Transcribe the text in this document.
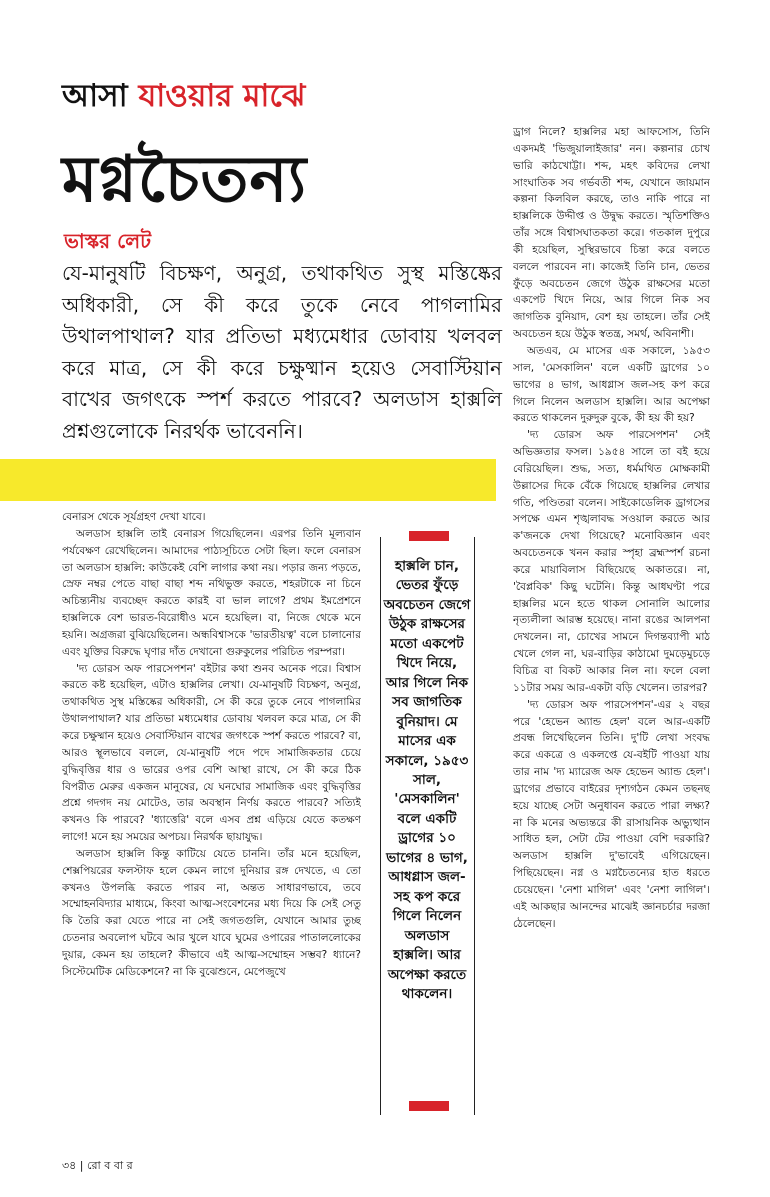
আসা যাওয়ার মাঝে
মগ্নচৈতন্য
ভাস্কর লেট
যে-মানুষটি বিচক্ষণ, অনুগ্র, তথাকথিত সুস্থ মস্তিষ্কের অধিকারী, সে কী করে তুকে নেবে পাগলামির উথালপাথাল? যার প্রতিভা মধ্যমেধার ডোবায় খলবল করে মাত্র, সে কী করে চক্ষুষ্মান হয়েও সেবাস্টিয়ান বাখের জগৎকে স্পর্শ করতে পারবে? অলডাস হাক্সলি প্রশ্নগুলোকে নিরর্থক ভাবেননি।

বেনারস থেকে সূর্যগ্রহণ দেখা যাবে।

অলডাস হাক্সলি তাই বেনারস গিয়েছিলেন। এরপর তিনি মূল্যবান পর্যবেক্ষণ রেখেছিলেন। আমাদের পাঠ্যসূচিতে সেটা ছিল। ফলে বেনারস তা অলডাস হাক্সলি: কাউকেই বেশি লাগার কথা নয়। পড়ার জন্য পড়তে, স্রেফ নম্বর পেতে বাছা বাছা শব্দ নথিভুক্ত করতে, শহরটাকে না চিনে অচিন্ত্যনীয় ব্যবচ্ছেদ করতে কারই বা ভাল লাগে? প্রথম ইমপ্রেশনে হাক্সলিকে বেশ ভারত-বিরোধীও মনে হয়েছিল। বা, নিজে থেকে মনে হয়নি। অগ্রজরা বুঝিয়েছিলেন। অন্ধবিশ্বাসকে 'ভারতীয়ত্ব' বলে চালানোর এবং যুক্তির বিরুদ্ধে ঘৃণার দাঁত দেখানো গুরুকুলের পরিচিত পরম্পরা।

'দ্য ডোরস অফ পারসেপশন' বইটার কথা শুনব অনেক পরে। বিশ্বাস করতে কষ্ট হয়েছিল, এটাও হাক্সলির লেখা। যে-মানুষটি বিচক্ষণ, অনুগ্র, তথাকথিত সুস্থ মস্তিষ্কের অধিকারী, সে কী করে তুকে নেবে পাগলামির উথালপাথাল? যার প্রতিভা মধ্যমেধার ডোবায় খলবল করে মাত্র, সে কী করে চক্ষুষ্মান হয়েও সেবাস্টিয়ান বাখের জগৎকে স্পর্শ করতে পারবে? বা, আরও স্থূলভাবে বললে, যে-মানুষটি পদে পদে সামাজিকতার চেয়ে বুদ্ধিবৃত্তির ধার ও ভারের ওপর বেশি আস্থা রাখে, সে কী করে ঠিক বিপরীত মেরুর একজন মানুষের, যে ঘনঘোর সামাজিক এবং বুদ্ধিবৃত্তির প্রশ্নে গদগদ নয় মোটেও, তার অবস্থান নির্ণয় করতে পারবে? সত্যিই কখনও কি পারবে? 'ধ্যাত্তেরি' বলে এসব প্রশ্ন এড়িয়ে যেতে কতক্ষণ লাগে! মনে হয় সময়ের অপচয়। নিরর্থক ছায়াযুদ্ধ।

অলডাস হাক্সলি কিন্তু কাটিয়ে যেতে চাননি। তাঁর মনে হয়েছিল, শেক্সপিয়রের ফলস্টাফ হলে কেমন লাগে দুনিয়ার রঙ্গ দেখতে, এ তো কখনও উপলব্ধি করতে পারব না, অন্তত সাধারণভাবে, তবে সম্মোহনবিদ্যার মাধ্যমে, কিংবা আত্ম-সংবেশনের মধ্য দিয়ে কি সেই সেতু কি তৈরি করা যেতে পারে না সেই জগতগুলি, যেখানে আমার তুচ্ছ চেতনার অবলোপ ঘটবে আর খুলে যাবে ঘুমের ওপারের পাতাললোকের দুয়ার, কেমন হয় তাহলে? কীভাবে এই আত্ম-সম্মোহন সম্ভব? ধ্যানে? সিস্টেমেটিক মেডিকেশনে? না কি বুঝেশুনে, মেপেজুখে

হাক্সলি চান, ভেতর ফুঁড়ে অবচেতন জেগে উঠুক রাক্ষসের মতো একপেট খিদে নিয়ে, আর গিলে নিক সব জাগতিক বুনিয়াদ। মে মাসের এক সকালে, ১৯৫৩ সাল, 'মেসকালিন' বলে একটি ড্রাগের ১০ ভাগের ৪ ভাগ, আধগ্লাস জল-সহ কপ করে গিলে নিলেন অলডাস হাক্সলি। আর অপেক্ষা করতে থাকলেন।

ড্রাগ নিলে? হাক্সলির মহা আফসোস, তিনি একদমই 'ভিজুয়ালাইজার' নন। কল্পনার চোখ ভারি কাঠখোট্টা। শব্দ, মহৎ কবিদের লেখা সাংঘাতিক সব গর্ভবতী শব্দ, যেখানে জায়মান কল্পনা কিলবিল করছে, তাও নাকি পারে না হাক্সলিকে উদ্দীপ্ত ও উদ্বুদ্ধ করতে। স্মৃতিশক্তিও তাঁর সঙ্গে বিশ্বাসঘাতকতা করে। গতকাল দুপুরে কী হয়েছিল, সুস্থিরভাবে চিন্তা করে বলতে বললে পারবেন না। কাজেই তিনি চান, ভেতর ফুঁড়ে অবচেতন জেগে উঠুক রাক্ষসের মতো একপেট খিদে নিয়ে, আর গিলে নিক সব জাগতিক বুনিয়াদ, বেশ হয় তাহলে। তাঁর সেই অবচেতন হয়ে উঠুক স্বতন্ত্র, সমর্থ, অবিনাশী।

অতএব, মে মাসের এক সকালে, ১৯৫৩ সাল, 'মেসকালিন' বলে একটি ড্রাগের ১০ ভাগের ৪ ভাগ, আধগ্লাস জল-সহ কপ করে গিলে নিলেন অলডাস হাক্সলি। আর অপেক্ষা করতে থাকলেন দুরুদুরু বুকে, কী হয় কী হয়?

'দ্য ডোরস অফ পারসেপশন' সেই অভিজ্ঞতার ফসল। ১৯৫৪ সালে তা বই হয়ে বেরিয়েছিল। শুদ্ধ, সত্য, ধর্মমথিত মোক্ষকামী উল্লাসের দিকে বেঁকে গিয়েছে হাক্সলির লেখার গতি, পণ্ডিতরা বলেন। সাইকোডেলিক ড্রাগসের সপক্ষে এমন শৃঙ্খলাবদ্ধ সওয়াল করতে আর ক'জনকে দেখা গিয়েছে? মনোবিজ্ঞান এবং অবচেতনকে খনন করার স্পৃহা ব্রহ্মস্পর্শ রচনা করে মায়াবিলাস বিছিয়েছে অকাতরে। না, 'বৈপ্লবিক' কিছু ঘটেনি। কিন্তু আধঘণ্টা পরে হাক্সলির মনে হতে থাকল সোনালি আলোর নৃত্যলীলা আরম্ভ হয়েছে। নানা রঙের আলপনা দেখলেন। না, চোখের সামনে দিগন্তব্যাপী মাঠ খেলে গেল না, ঘর-বাড়ির কাঠামো দুমড়েমুচড়ে বিচিত্র বা বিকট আকার নিল না। ফলে বেলা ১১টার সময় আর-একটা বড়ি খেলেন। তারপর?

'দ্য ডোরস অফ পারসেপশন'-এর ২ বছর পরে 'হেভেন অ্যান্ড হেল' বলে আর-একটি প্রবন্ধ লিখেছিলেন তিনি। দু'টি লেখা সংবদ্ধ করে একত্রে ও একলপ্তে যে-বইটি পাওয়া যায় তার নাম 'দ্য ম্যারেজ অফ হেভেন অ্যান্ড হেল'। ড্রাগের প্রভাবে বাইরের দৃশ্যগঠন কেমন তছনছ হয়ে যাচ্ছে সেটা অনুধাবন করতে পারা লক্ষ্য? না কি মনের অভ্যন্তরে কী রাসায়নিক অভ্যুত্থান সাধিত হল, সেটা টের পাওয়া বেশি দরকারি? অলডাস হাক্সলি দু'ভাবেই এগিয়েছেন। পিছিয়েছেন। নগ্ন ও মগ্নচৈতন্যের হাত ধরতে চেয়েছেন। 'নেশা মাগিল' এবং 'নেশা লাগিল'। এই আকছার আনন্দের মাঝেই জ্ঞানচর্চার দরজা ঠেলেছেন।

৩৪ | রো ব বা র
